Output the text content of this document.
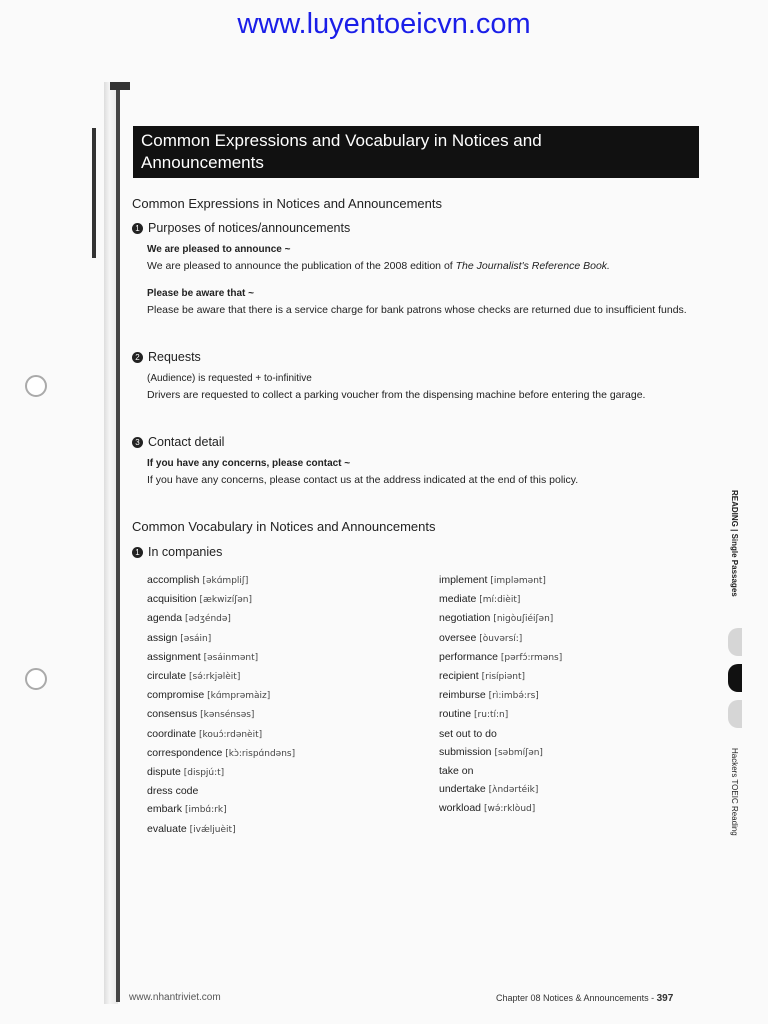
www.luyentoeicvn.com
Common Expressions and Vocabulary in Notices and
Announcements
Common Expressions in Notices and Announcements
1 Purposes of notices/announcements

We are pleased to announce ~

We are pleased to announce the publication of the 2008 edition of The Journalist's Reference Book.

Please be aware that ~

Please be aware that there is a service charge for bank patrons whose checks are returned due to insufficient funds.

2 Requests

(Audience) is requested + to-infinitive

Drivers are requested to collect a parking voucher from the dispensing machine before entering the garage.

3 Contact detail

If you have any concerns, please contact ~

If you have any concerns, please contact us at the address indicated at the end of this policy.

Common Vocabulary in Notices and Announcements
1 In companies
accomplish [əkɑ́mpliʃ]
acquisition [ækwizíʃən]
agenda [ədʒéndə]
assign [əsáin]
assignment [əsáinmənt]
circulate [sə́:rkjəlèit]
compromise [kɑ́mprəmàiz]
consensus [kənsénsəs]
coordinate [kouɔ́:rdənèit]
correspondence [kɔ̀:rispɑ́ndəns]
dispute [dispjú:t]
dress code
embark [imbɑ́:rk]
evaluate [ivǽljuèit]
implement [impləmənt]
mediate [mí:dièit]
negotiation [nigòuʃiéiʃən]
oversee [òuvərsí:]
performance [pərfɔ́:rməns]
recipient [risípiənt]
reimburse [rì:imbə́:rs]
routine [ru:tí:n]
set out to do
submission [səbmíʃən]
take on
undertake [ʌ̀ndərtéik]
workload [wə́:rklòud]
READING | Single Passages
Hackers TOEIC Reading
www.nhantriviet.com	Chapter 08 Notices & Announcements - 397
